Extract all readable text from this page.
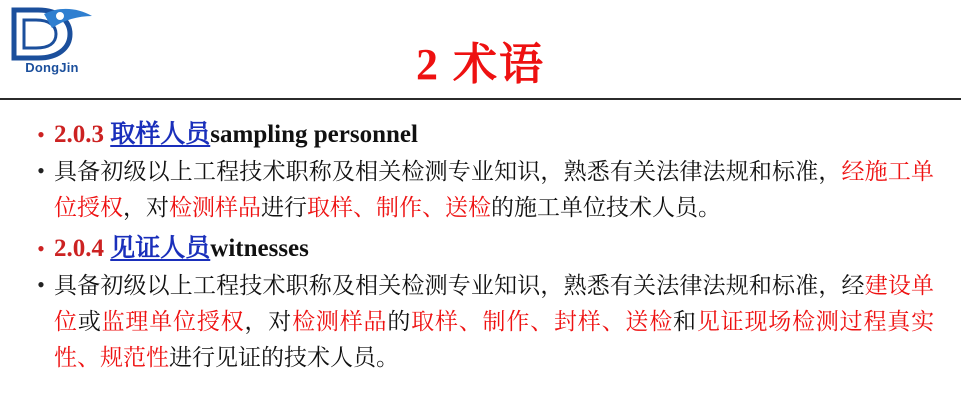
DongJin	2 术语
• 2.0.3 取样人员sampling personnel
• 具备初级以上工程技术职称及相关检测专业知识，熟悉有关法律法规和标准，经施工单位授权，对检测样品进行取样、制作、送检的施工单位技术人员。
• 2.0.4 见证人员witnesses
• 具备初级以上工程技术职称及相关检测专业知识，熟悉有关法律法规和标准，经建设单位或监理单位授权，对检测样品的取样、制作、封样、送检和见证现场检测过程真实性、规范性进行见证的技术人员。
